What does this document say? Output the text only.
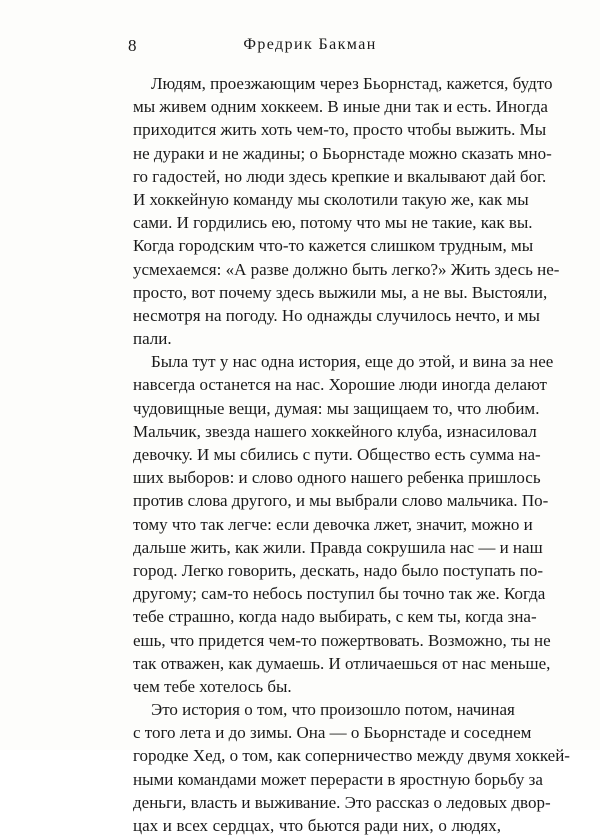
8	Фредрик Бакман
Людям, проезжающим через Бьорнстад, кажется, будто
мы живем одним хоккеем. В иные дни так и есть. Иногда
приходится жить хоть чем-то, просто чтобы выжить. Мы
не дураки и не жадины; о Бьорнстаде можно сказать мно-
го гадостей, но люди здесь крепкие и вкалывают дай бог.
И хоккейную команду мы сколотили такую же, как мы
сами. И гордились ею, потому что мы не такие, как вы.
Когда городским что-то кажется слишком трудным, мы
усмехаемся: «А разве должно быть легко?» Жить здесь не-
просто, вот почему здесь выжили мы, а не вы. Выстояли,
несмотря на погоду. Но однажды случилось нечто, и мы
пали.
Была тут у нас одна история, еще до этой, и вина за нее
навсегда останется на нас. Хорошие люди иногда делают
чудовищные вещи, думая: мы защищаем то, что любим.
Мальчик, звезда нашего хоккейного клуба, изнасиловал
девочку. И мы сбились с пути. Общество есть сумма на-
ших выборов: и слово одного нашего ребенка пришлось
против слова другого, и мы выбрали слово мальчика. По-
тому что так легче: если девочка лжет, значит, можно и
дальше жить, как жили. Правда сокрушила нас — и наш
город. Легко говорить, дескать, надо было поступать по-
другому; сам-то небось поступил бы точно так же. Когда
тебе страшно, когда надо выбирать, с кем ты, когда зна-
ешь, что придется чем-то пожертвовать. Возможно, ты не
так отважен, как думаешь. И отличаешься от нас меньше,
чем тебе хотелось бы.
Это история о том, что произошло потом, начиная
с того лета и до зимы. Она — о Бьорнстаде и соседнем
городке Хед, о том, как соперничество между двумя хоккей-
ными командами может перерасти в яростную борьбу за
деньги, власть и выживание. Это рассказ о ледовых двор-
цах и всех сердцах, что бьются ради них, о людях,
